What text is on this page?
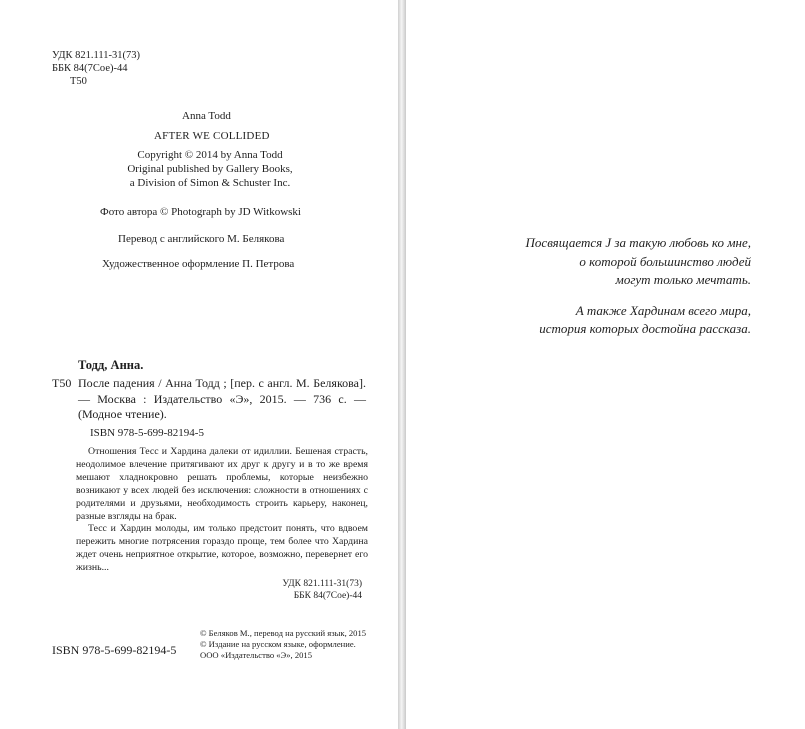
УДК 821.111-31(73)
ББК 84(7Сое)-44
Т50
Anna Todd
AFTER WE COLLIDED
Copyright © 2014 by Anna Todd
Original published by Gallery Books,
a Division of Simon & Schuster Inc.
Фото автора © Photograph by JD Witkowski
Перевод с английского М. Белякова
Художественное оформление П. Петрова
Тодд, Анна.
Т50 После падения / Анна Тодд ; [пер. с англ. М. Белякова]. — Москва : Издательство «Э», 2015. — 736 с. — (Модное чтение).
ISBN 978-5-699-82194-5

Отношения Тесс и Хардина далеки от идиллии. Бешеная страсть, неодолимое влечение притягивают их друг к другу и в то же время мешают хладнокровно решать проблемы, которые неизбежно возникают у всех людей без исключения: сложности в отношениях с родителями и друзьями, необходимость строить карьеру, наконец, разные взгляды на брак.

Тесс и Хардин молоды, им только предстоит понять, что вдвоем пережить многие потрясения гораздо проще, тем более что Хардина ждет очень неприятное открытие, которое, возможно, перевернет его жизнь...

УДК 821.111-31(73)
ББК 84(7Сое)-44
ISBN 978-5-699-82194-5
© Беляков М., перевод на русский язык, 2015
© Издание на русском языке, оформление.
ООО «Издательство «Э», 2015
Посвящается J за такую любовь ко мне,
о которой большинство людей
могут только мечтать.
А также Хардинам всего мира,
история которых достойна рассказа.
